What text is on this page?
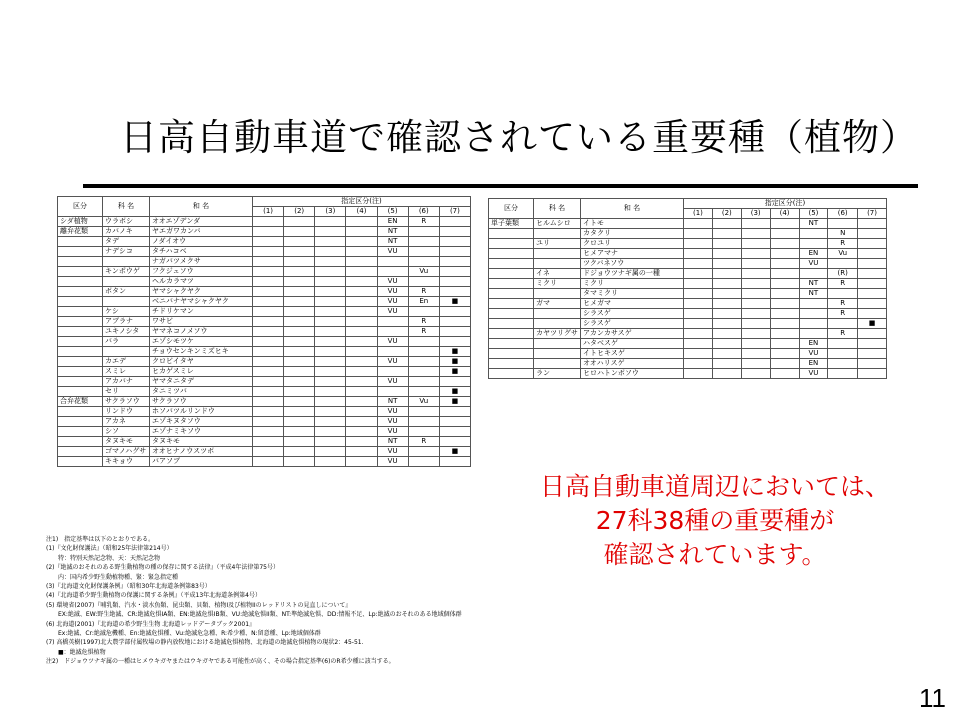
日高自動車道で確認されている重要種（植物）
区分	科 名	和 名	指定区分(注)						
			(1)	(2)	(3)	(4)	(5)	(6)	(7)
シダ植物	ウラボシ	オオエゾデンダ					EN	R	
離弁花類	カバノキ	ヤエガワカンバ					NT		
	タデ	ノダイオウ					NT		
	ナデシコ	タチハコベ					VU		
		ナガバツメクサ							
	キンポウゲ	フクジュソウ						Vu	
		ヘルカラマツ					VU		
	ボタン	ヤマシャクヤク					VU	R	
		ベニバナヤマシャクヤク					VU	En	■
	ケシ	チドリケマン					VU		
	アブラナ	ワサビ						R	
	ユキノシタ	ヤマネコノメソウ						R	
	バラ	エゾシモツケ					VU		
		チョウセンキンミズヒキ							■
	カエデ	クロビイタヤ					VU		■
	スミレ	ヒカゲスミレ							■
	アカバナ	ヤマタニタデ					VU		
	セリ	タニミツバ							■
合弁花類	サクラソウ	サクラソウ					NT	Vu	■
	リンドウ	ホソバツルリンドウ					VU		
	アカネ	エゾキヌタソウ					VU		
	シソ	エゾナミキソウ					VU		
	タヌキモ	タヌキモ					NT	R	
	ゴマノハグサ	オオヒナノウスツボ					VU		■
	キキョウ	バアソブ					VU		
区分	科 名	和 名	指定区分(注)						
			(1)	(2)	(3)	(4)	(5)	(6)	(7)
単子葉類	ヒルムシロ	イトモ					NT		
		カタクリ						N	
	ユリ	クロユリ						R	
		ヒメアマナ					EN	Vu	
		ツクバネソウ					VU		
	イネ	ドジョウツナギ属の一種						(R)	
	ミクリ	ミクリ					NT	R	
		タマミクリ					NT		
	ガマ	ヒメガマ						R	
		シラスゲ						R	
		シラスゲ							■
	カヤツリグサ	アカンカサスゲ						R	
		ハタベスゲ					EN		
		イトヒキスゲ					VU		
		オオハリスゲ					EN		
	ラン	ヒロハトンボソウ					VU		
注1)　指定基準は以下のとおりである。
(1)『文化財保護法』（昭和25年法律第214号）
　　特：特別天然記念物、天：天然記念物
(2)『絶滅のおそれのある野生動植物の種の保存に関する法律』（平成4年法律第75号）
　　内：国内希少野生動植物種、緊：緊急指定種
(3)『北海道文化財保護条例』（昭和30年北海道条例第83号）
(4)『北海道希少野生動植物の保護に関する条例』（平成13年北海道条例第4号）
(5) 環境省(2007)『哺乳類、汽水・淡水魚類、昆虫類、貝類、植物I及び植物IIのレッドリストの見直しについて』
　　EX:絶滅、EW:野生絶滅、CR:絶滅危惧IA類、EN:絶滅危惧IB類、VU:絶滅危惧II類、NT:準絶滅危惧、DD:情報不足、Lp:絶滅のおそれのある地域個体群
(6) 北海道(2001)『北海道の希少野生生物 北海道レッドデータブック2001』
　　Ex:絶滅、Cr:絶滅危機種、En:絶滅危惧種、Vu:絶滅危急種、R:希少種、N:留意種、Lp:地域個体群
(7) 高橋英樹(1997)北大農学部付属牧場の静内放牧地における絶滅危惧植物、北海道の絶滅危惧植物の現状2：45-51.
　　■：絶滅危惧植物
注2)　ドジョウツナギ属の一種はヒメウキガヤまたはウキガヤである可能性が高く、その場合指定基準(6)のR希少種に該当する。
日高自動車道周辺においては、
27科38種の重要種が
確認されています。
11
